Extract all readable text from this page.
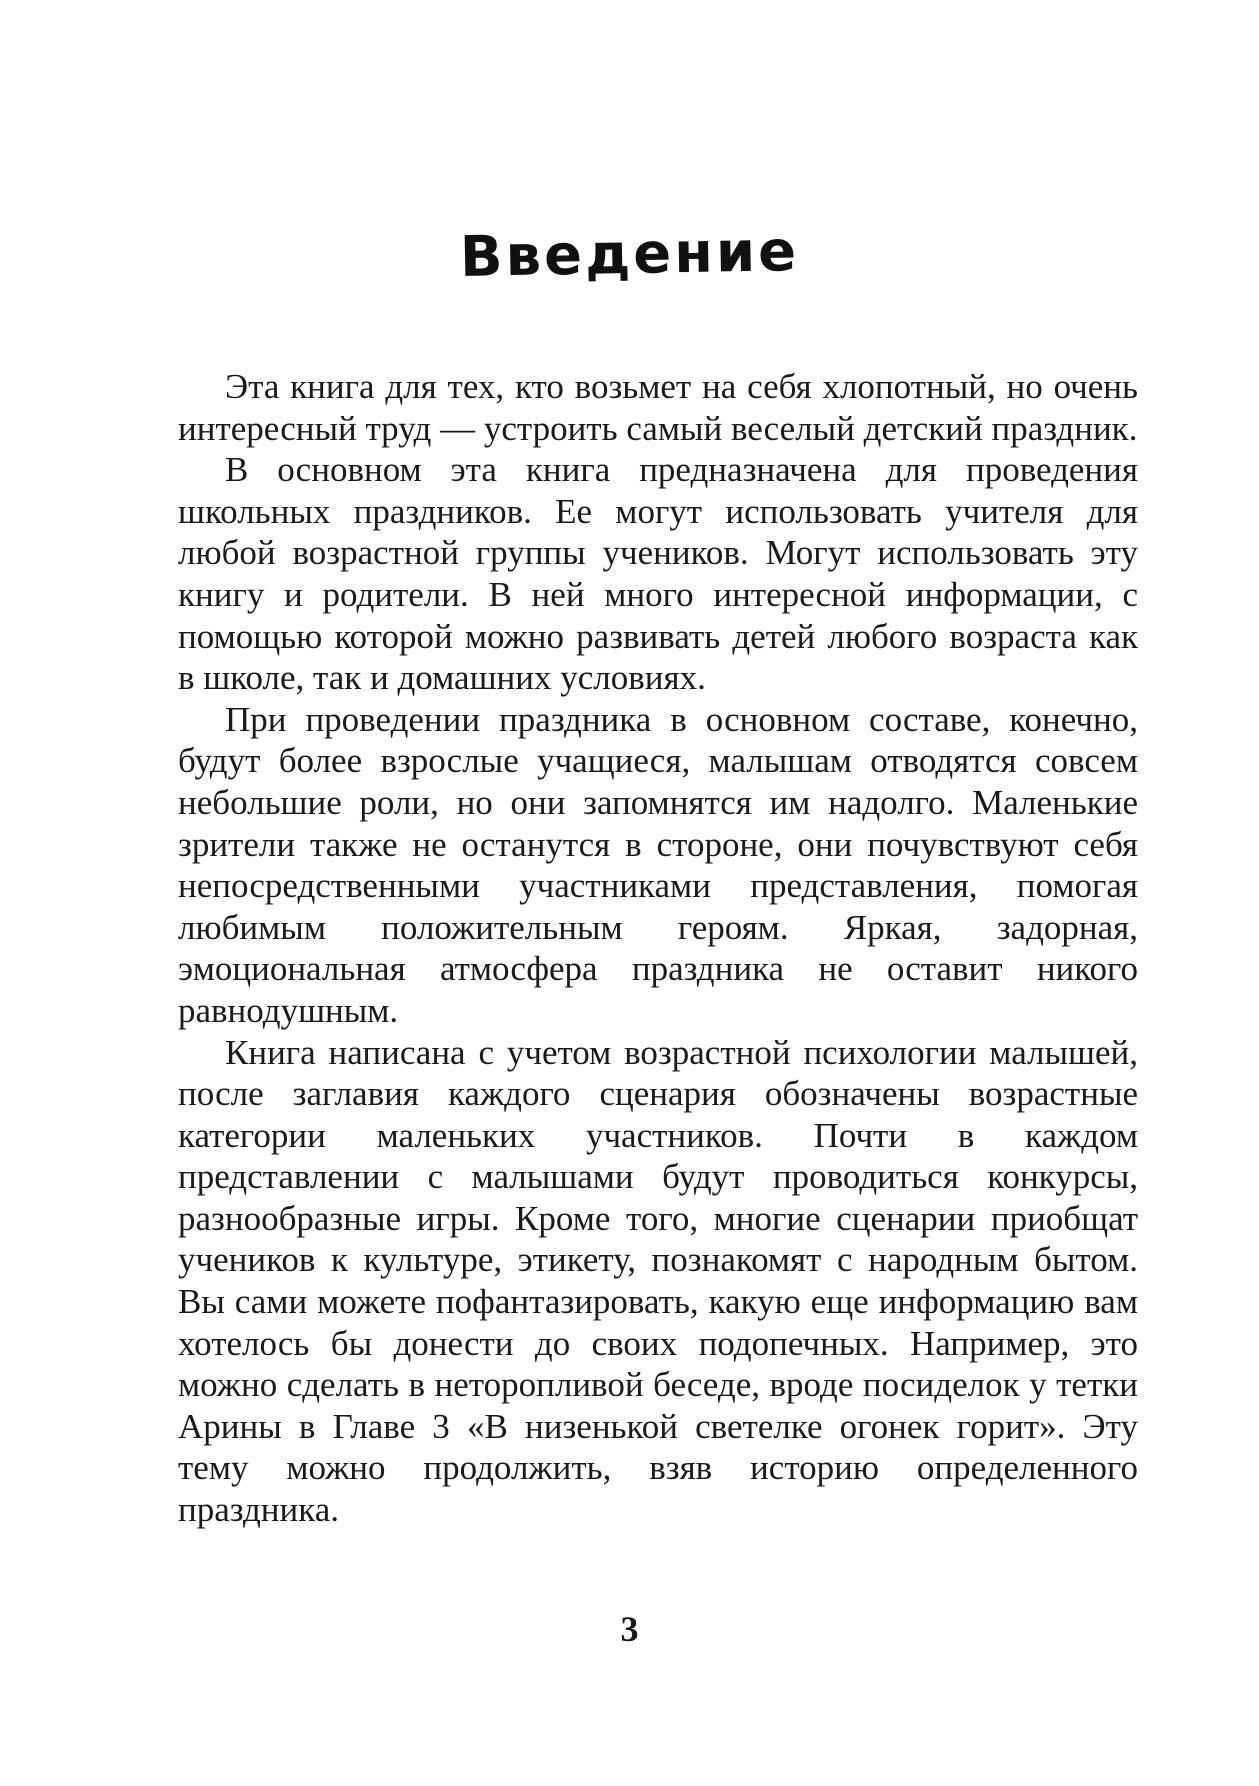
Введение

Эта книга для тех, кто возьмет на себя хлопотный, но очень интересный труд — устроить самый веселый детский праздник.

В основном эта книга предназначена для проведения школьных праздников. Ее могут использовать учителя для любой возрастной группы учеников. Могут использовать эту книгу и родители. В ней много интересной информации, с помощью которой можно развивать детей любого возраста как в школе, так и домашних условиях.

При проведении праздника в основном составе, конечно, будут более взрослые учащиеся, малышам отводятся совсем небольшие роли, но они запомнятся им надолго. Маленькие зрители также не останутся в стороне, они почувствуют себя непосредственными участниками представления, помогая любимым положительным героям. Яркая, задорная, эмоциональная атмосфера праздника не оставит никого равнодушным.

Книга написана с учетом возрастной психологии малышей, после заглавия каждого сценария обозначены возрастные категории маленьких участников. Почти в каждом представлении с малышами будут проводиться конкурсы, разнообразные игры. Кроме того, многие сценарии приобщат учеников к культуре, этикету, познакомят с народным бытом. Вы сами можете пофантазировать, какую еще информацию вам хотелось бы донести до своих подопечных. Например, это можно сделать в неторопливой беседе, вроде посиделок у тетки Арины в Главе 3 «В низенькой светелке огонек горит». Эту тему можно продолжить, взяв историю определенного праздника.

3
